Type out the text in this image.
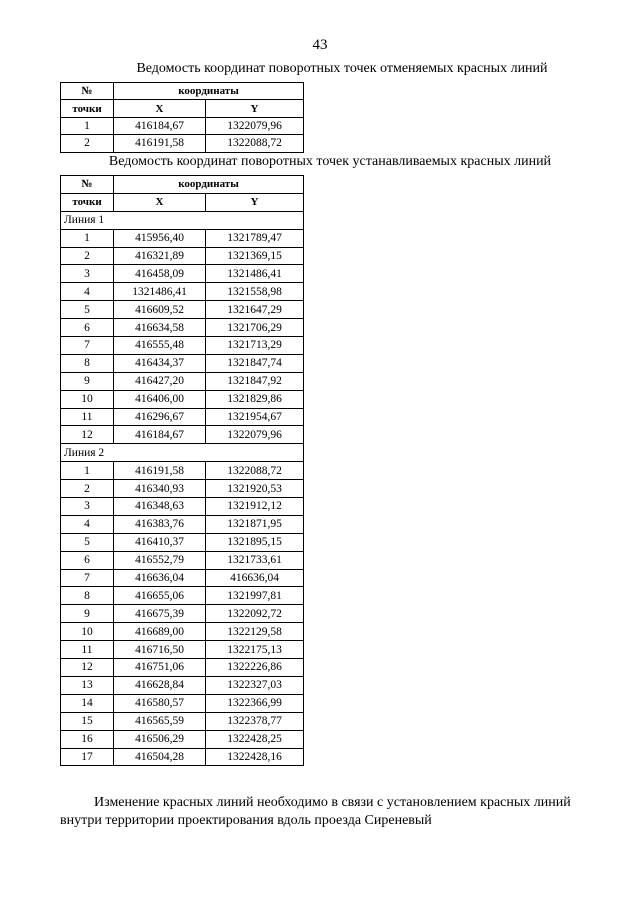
43
Ведомость координат поворотных точек отменяемых красных линий
№	координаты	
точки	X	Y
1	416184,67	1322079,96
2	416191,58	1322088,72
Ведомость координат поворотных точек устанавливаемых красных линий
№	координаты	
точки	X	Y
Линия 1		
1	415956,40	1321789,47
2	416321,89	1321369,15
3	416458,09	1321486,41
4	1321486,41	1321558,98
5	416609,52	1321647,29
6	416634,58	1321706,29
7	416555,48	1321713,29
8	416434,37	1321847,74
9	416427,20	1321847,92
10	416406,00	1321829,86
11	416296,67	1321954,67
12	416184,67	1322079,96
Линия 2		
1	416191,58	1322088,72
2	416340,93	1321920,53
3	416348,63	1321912,12
4	416383,76	1321871,95
5	416410,37	1321895,15
6	416552,79	1321733,61
7	416636,04	416636,04
8	416655,06	1321997,81
9	416675,39	1322092,72
10	416689,00	1322129,58
11	416716,50	1322175,13
12	416751,06	1322226,86
13	416628,84	1322327,03
14	416580,57	1322366,99
15	416565,59	1322378,77
16	416506,29	1322428,25
17	416504,28	1322428,16
Изменение красных линий необходимо в связи с установлением красных линий
внутри территории проектирования вдоль проезда Сиреневый
